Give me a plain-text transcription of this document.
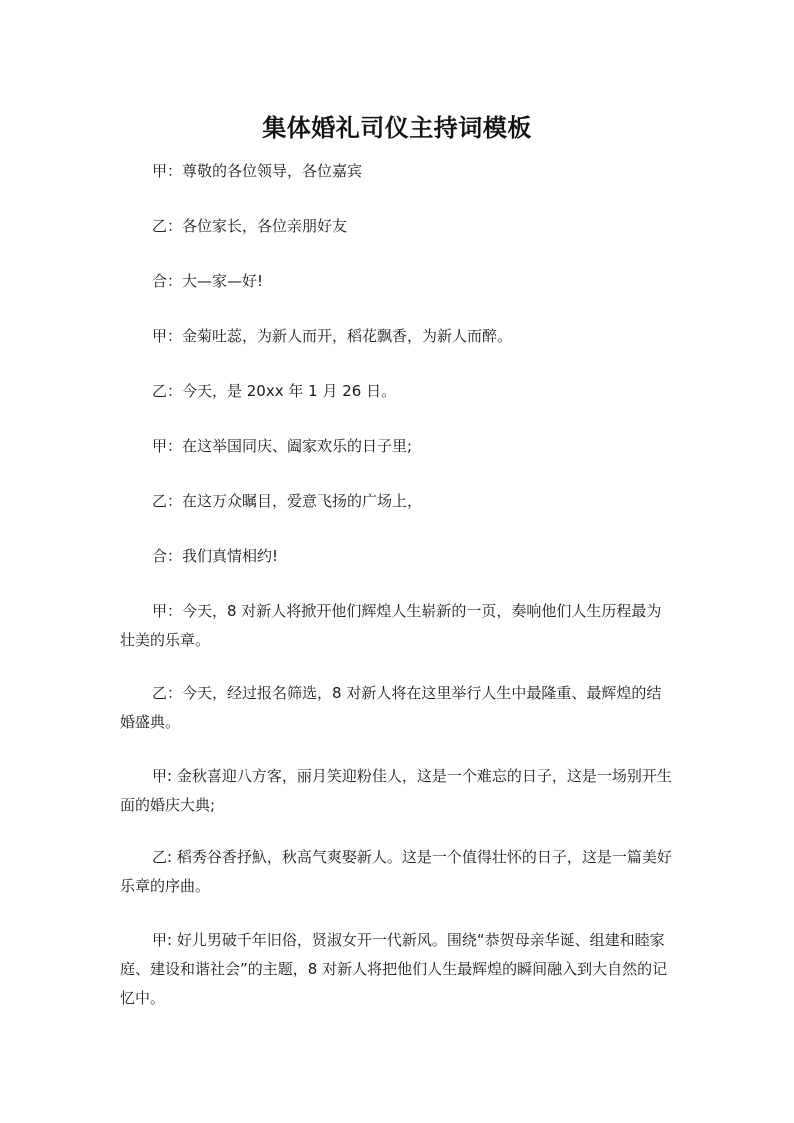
集体婚礼司仪主持词模板
甲：尊敬的各位领导，各位嘉宾
乙：各位家长，各位亲朋好友
合：大—家—好!
甲：金菊吐蕊，为新人而开，稻花飘香，为新人而醉。
乙：今天，是 20xx 年 1 月 26 日。
甲：在这举国同庆、阖家欢乐的日子里;
乙：在这万众瞩目，爱意飞扬的广场上，
合：我们真情相约!
甲：今天，8 对新人将掀开他们辉煌人生崭新的一页，奏响他们人生历程最为壮美的乐章。
乙：今天，经过报名筛选，8 对新人将在这里举行人生中最隆重、最辉煌的结婚盛典。
甲: 金秋喜迎八方客，丽月笑迎粉佳人，这是一个难忘的日子，这是一场别开生面的婚庆大典;
乙: 稻秀谷香抒魞，秋高气爽娶新人。这是一个值得壮怀的日子，这是一篇美好乐章的序曲。
甲: 好儿男破千年旧俗，贤淑女开一代新风。围绕“恭贺母亲华诞、组建和睦家庭、建设和谐社会”的主题，8 对新人将把他们人生最辉煌的瞬间融入到大自然的记忆中。
